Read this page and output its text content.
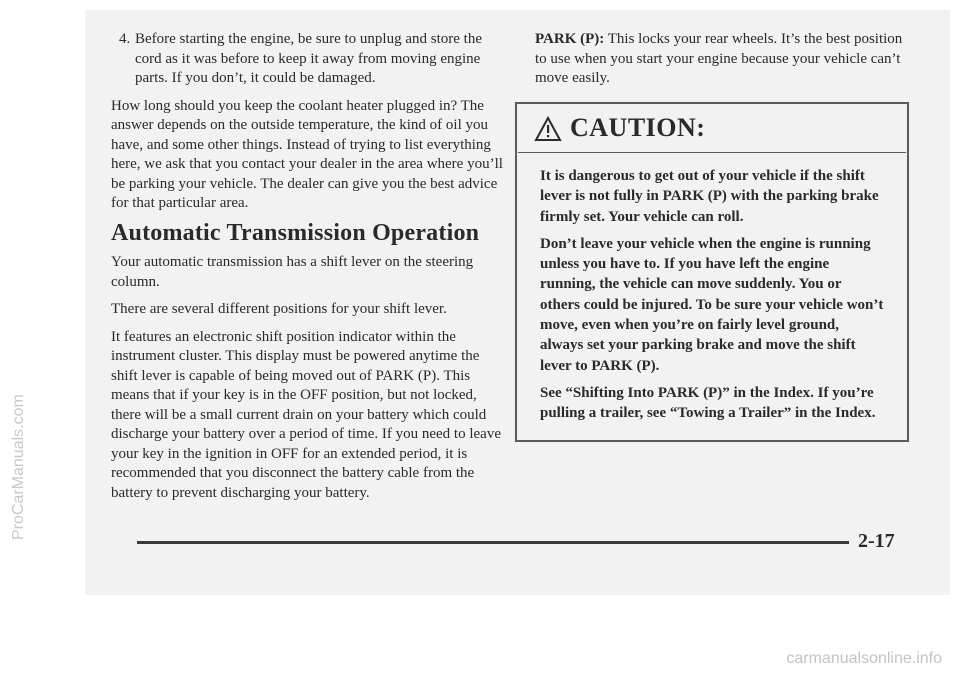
ProCarManuals.com
4. Before starting the engine, be sure to unplug and store the cord as it was before to keep it away from moving engine parts. If you don’t, it could be damaged.

How long should you keep the coolant heater plugged in? The answer depends on the outside temperature, the kind of oil you have, and some other things. Instead of trying to list everything here, we ask that you contact your dealer in the area where you’ll be parking your vehicle. The dealer can give you the best advice for that particular area.

Automatic Transmission Operation

Your automatic transmission has a shift lever on the steering column.

There are several different positions for your shift lever.

It features an electronic shift position indicator within the instrument cluster. This display must be powered anytime the shift lever is capable of being moved out of PARK (P). This means that if your key is in the OFF position, but not locked, there will be a small current drain on your battery which could discharge your battery over a period of time. If you need to leave your key in the ignition in OFF for an extended period, it is recommended that you disconnect the battery cable from the battery to prevent discharging your battery.

PARK (P): This locks your rear wheels. It’s the best position to use when you start your engine because your vehicle can’t move easily.

CAUTION:

It is dangerous to get out of your vehicle if the shift lever is not fully in PARK (P) with the parking brake firmly set. Your vehicle can roll.

Don’t leave your vehicle when the engine is running unless you have to. If you have left the engine running, the vehicle can move suddenly. You or others could be injured. To be sure your vehicle won’t move, even when you’re on fairly level ground, always set your parking brake and move the shift lever to PARK (P).

See “Shifting Into PARK (P)” in the Index. If you’re pulling a trailer, see “Towing a Trailer” in the Index.

2-17
carmanualsonline.info
